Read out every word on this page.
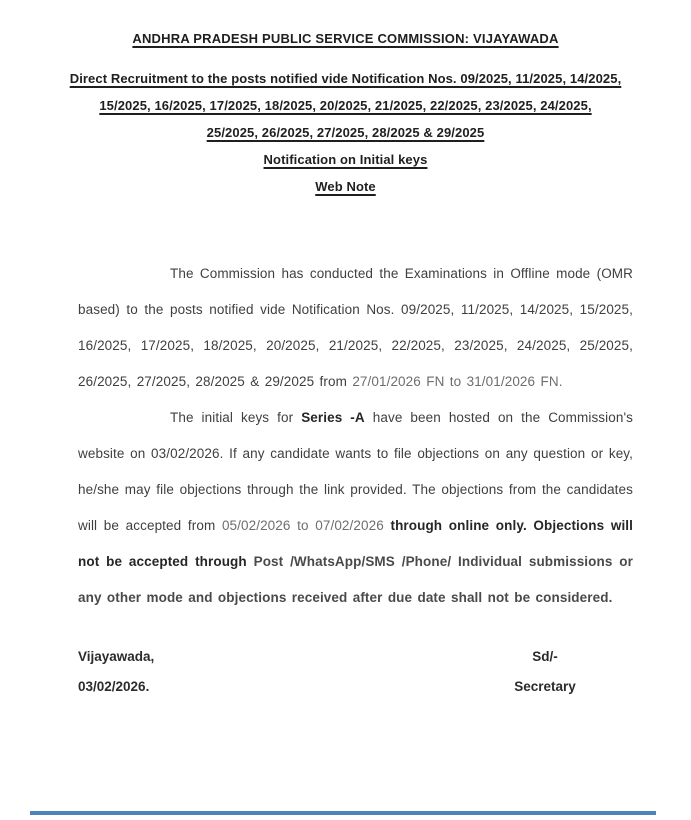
ANDHRA PRADESH PUBLIC SERVICE COMMISSION: VIJAYAWADA
Direct Recruitment to the posts notified vide Notification Nos. 09/2025, 11/2025, 14/2025,
15/2025, 16/2025, 17/2025, 18/2025, 20/2025, 21/2025, 22/2025, 23/2025, 24/2025,
25/2025, 26/2025, 27/2025, 28/2025 & 29/2025
Notification on Initial keys
Web Note

The Commission has conducted the Examinations in Offline mode (OMR based) to the posts notified vide Notification Nos. 09/2025, 11/2025, 14/2025, 15/2025, 16/2025, 17/2025, 18/2025, 20/2025, 21/2025, 22/2025, 23/2025, 24/2025, 25/2025, 26/2025, 27/2025, 28/2025 & 29/2025 from 27/01/2026 FN to 31/01/2026 FN.

The initial keys for Series -A have been hosted on the Commission's website on 03/02/2026. If any candidate wants to file objections on any question or key, he/she may file objections through the link provided. The objections from the candidates will be accepted from 05/02/2026 to 07/02/2026 through online only. Objections will not be accepted through Post /WhatsApp/SMS /Phone/ Individual submissions or any other mode and objections received after due date shall not be considered.

Vijayawada,
03/02/2026.
Sd/-
Secretary
